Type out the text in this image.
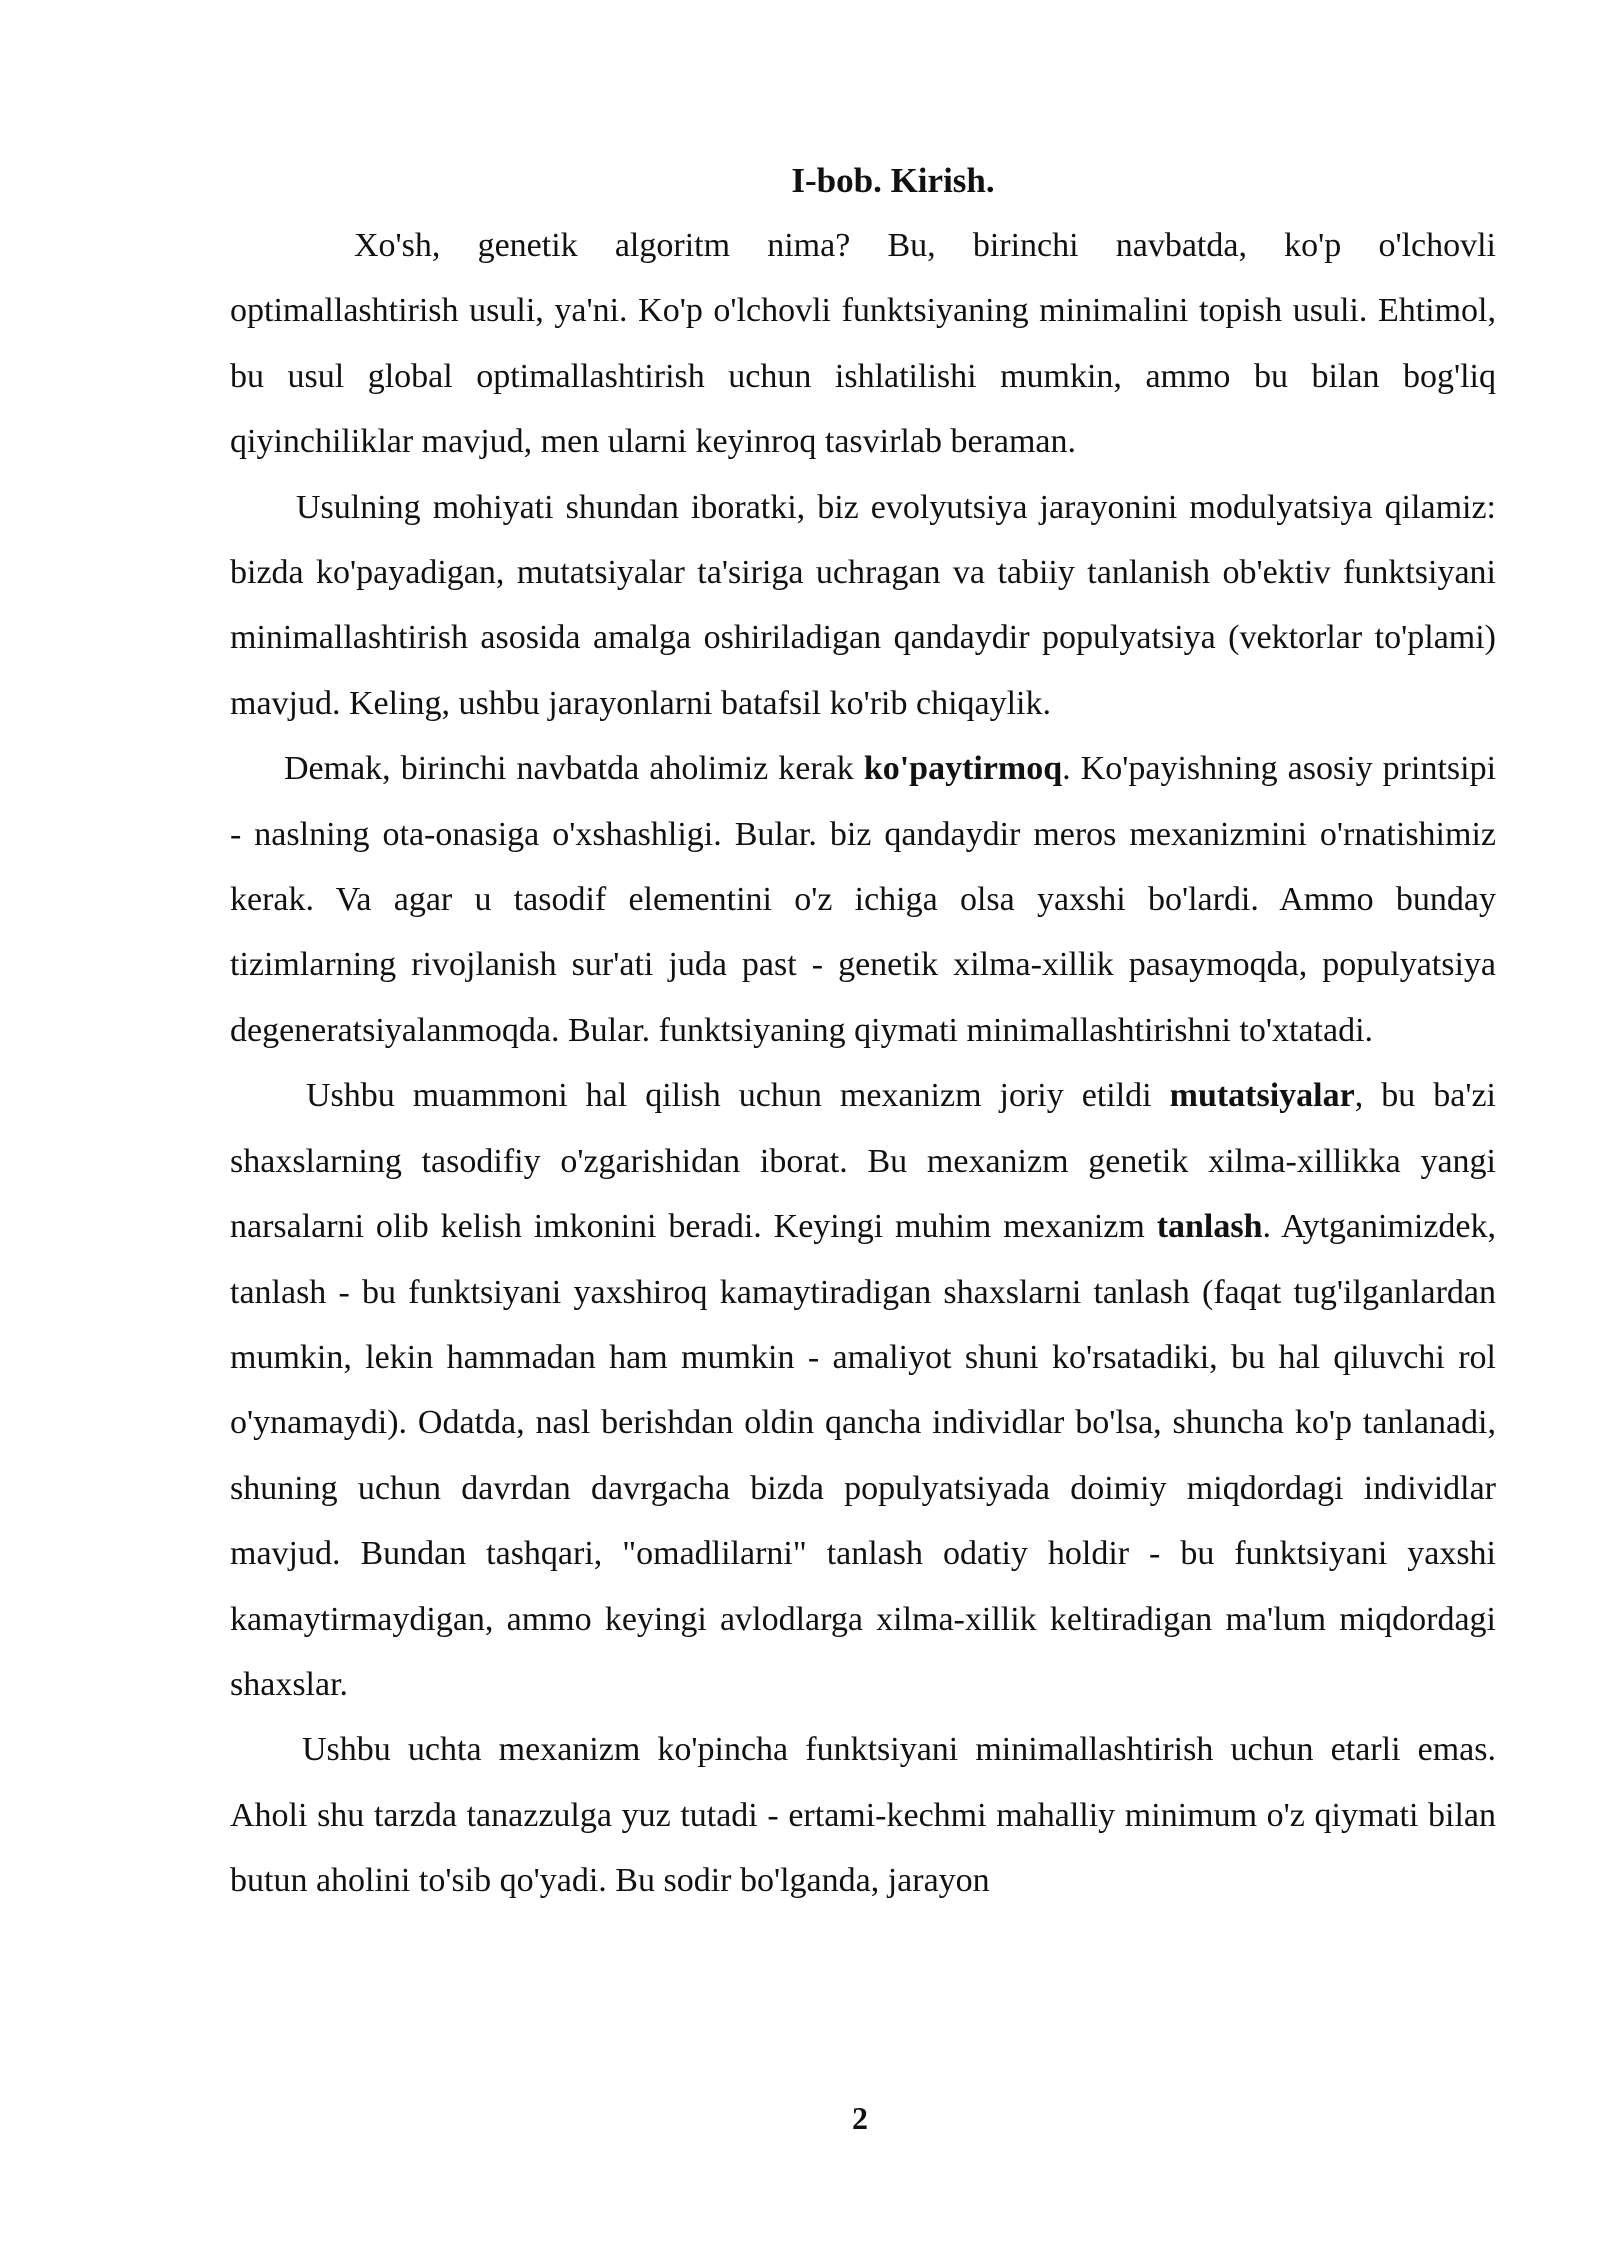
I-bob. Kirish.

Xo'sh, genetik algoritm nima? Bu, birinchi navbatda, ko'p o'lchovli optimallashtirish usuli, ya'ni. Ko'p o'lchovli funktsiyaning minimalini topish usuli. Ehtimol, bu usul global optimallashtirish uchun ishlatilishi mumkin, ammo bu bilan bog'liq qiyinchiliklar mavjud, men ularni keyinroq tasvirlab beraman.

Usulning mohiyati shundan iboratki, biz evolyutsiya jarayonini modulyatsiya qilamiz: bizda ko'payadigan, mutatsiyalar ta'siriga uchragan va tabiiy tanlanish ob'ektiv funktsiyani minimallashtirish asosida amalga oshiriladigan qandaydir populyatsiya (vektorlar to'plami) mavjud. Keling, ushbu jarayonlarni batafsil ko'rib chiqaylik.

Demak, birinchi navbatda aholimiz kerak ko'paytirmoq. Ko'payishning asosiy printsipi - naslning ota-onasiga o'xshashligi. Bular. biz qandaydir meros mexanizmini o'rnatishimiz kerak. Va agar u tasodif elementini o'z ichiga olsa yaxshi bo'lardi. Ammo bunday tizimlarning rivojlanish sur'ati juda past - genetik xilma-xillik pasaymoqda, populyatsiya degeneratsiyalanmoqda. Bular. funktsiyaning qiymati minimallashtirishni to'xtatadi.

Ushbu muammoni hal qilish uchun mexanizm joriy etildi mutatsiyalar, bu ba'zi shaxslarning tasodifiy o'zgarishidan iborat. Bu mexanizm genetik xilma-xillikka yangi narsalarni olib kelish imkonini beradi. Keyingi muhim mexanizm tanlash. Aytganimizdek, tanlash - bu funktsiyani yaxshiroq kamaytiradigan shaxslarni tanlash (faqat tug'ilganlardan mumkin, lekin hammadan ham mumkin - amaliyot shuni ko'rsatadiki, bu hal qiluvchi rol o'ynamaydi). Odatda, nasl berishdan oldin qancha individlar bo'lsa, shuncha ko'p tanlanadi, shuning uchun davrdan davrgacha bizda populyatsiyada doimiy miqdordagi individlar mavjud. Bundan tashqari, "omadlilarni" tanlash odatiy holdir - bu funktsiyani yaxshi kamaytirmaydigan, ammo keyingi avlodlarga xilma-xillik keltiradigan ma'lum miqdordagi shaxslar.

Ushbu uchta mexanizm ko'pincha funktsiyani minimallashtirish uchun etarli emas. Aholi shu tarzda tanazzulga yuz tutadi - ertami-kechmi mahalliy minimum o'z qiymati bilan butun aholini to'sib qo'yadi. Bu sodir bo'lganda, jarayon

2
